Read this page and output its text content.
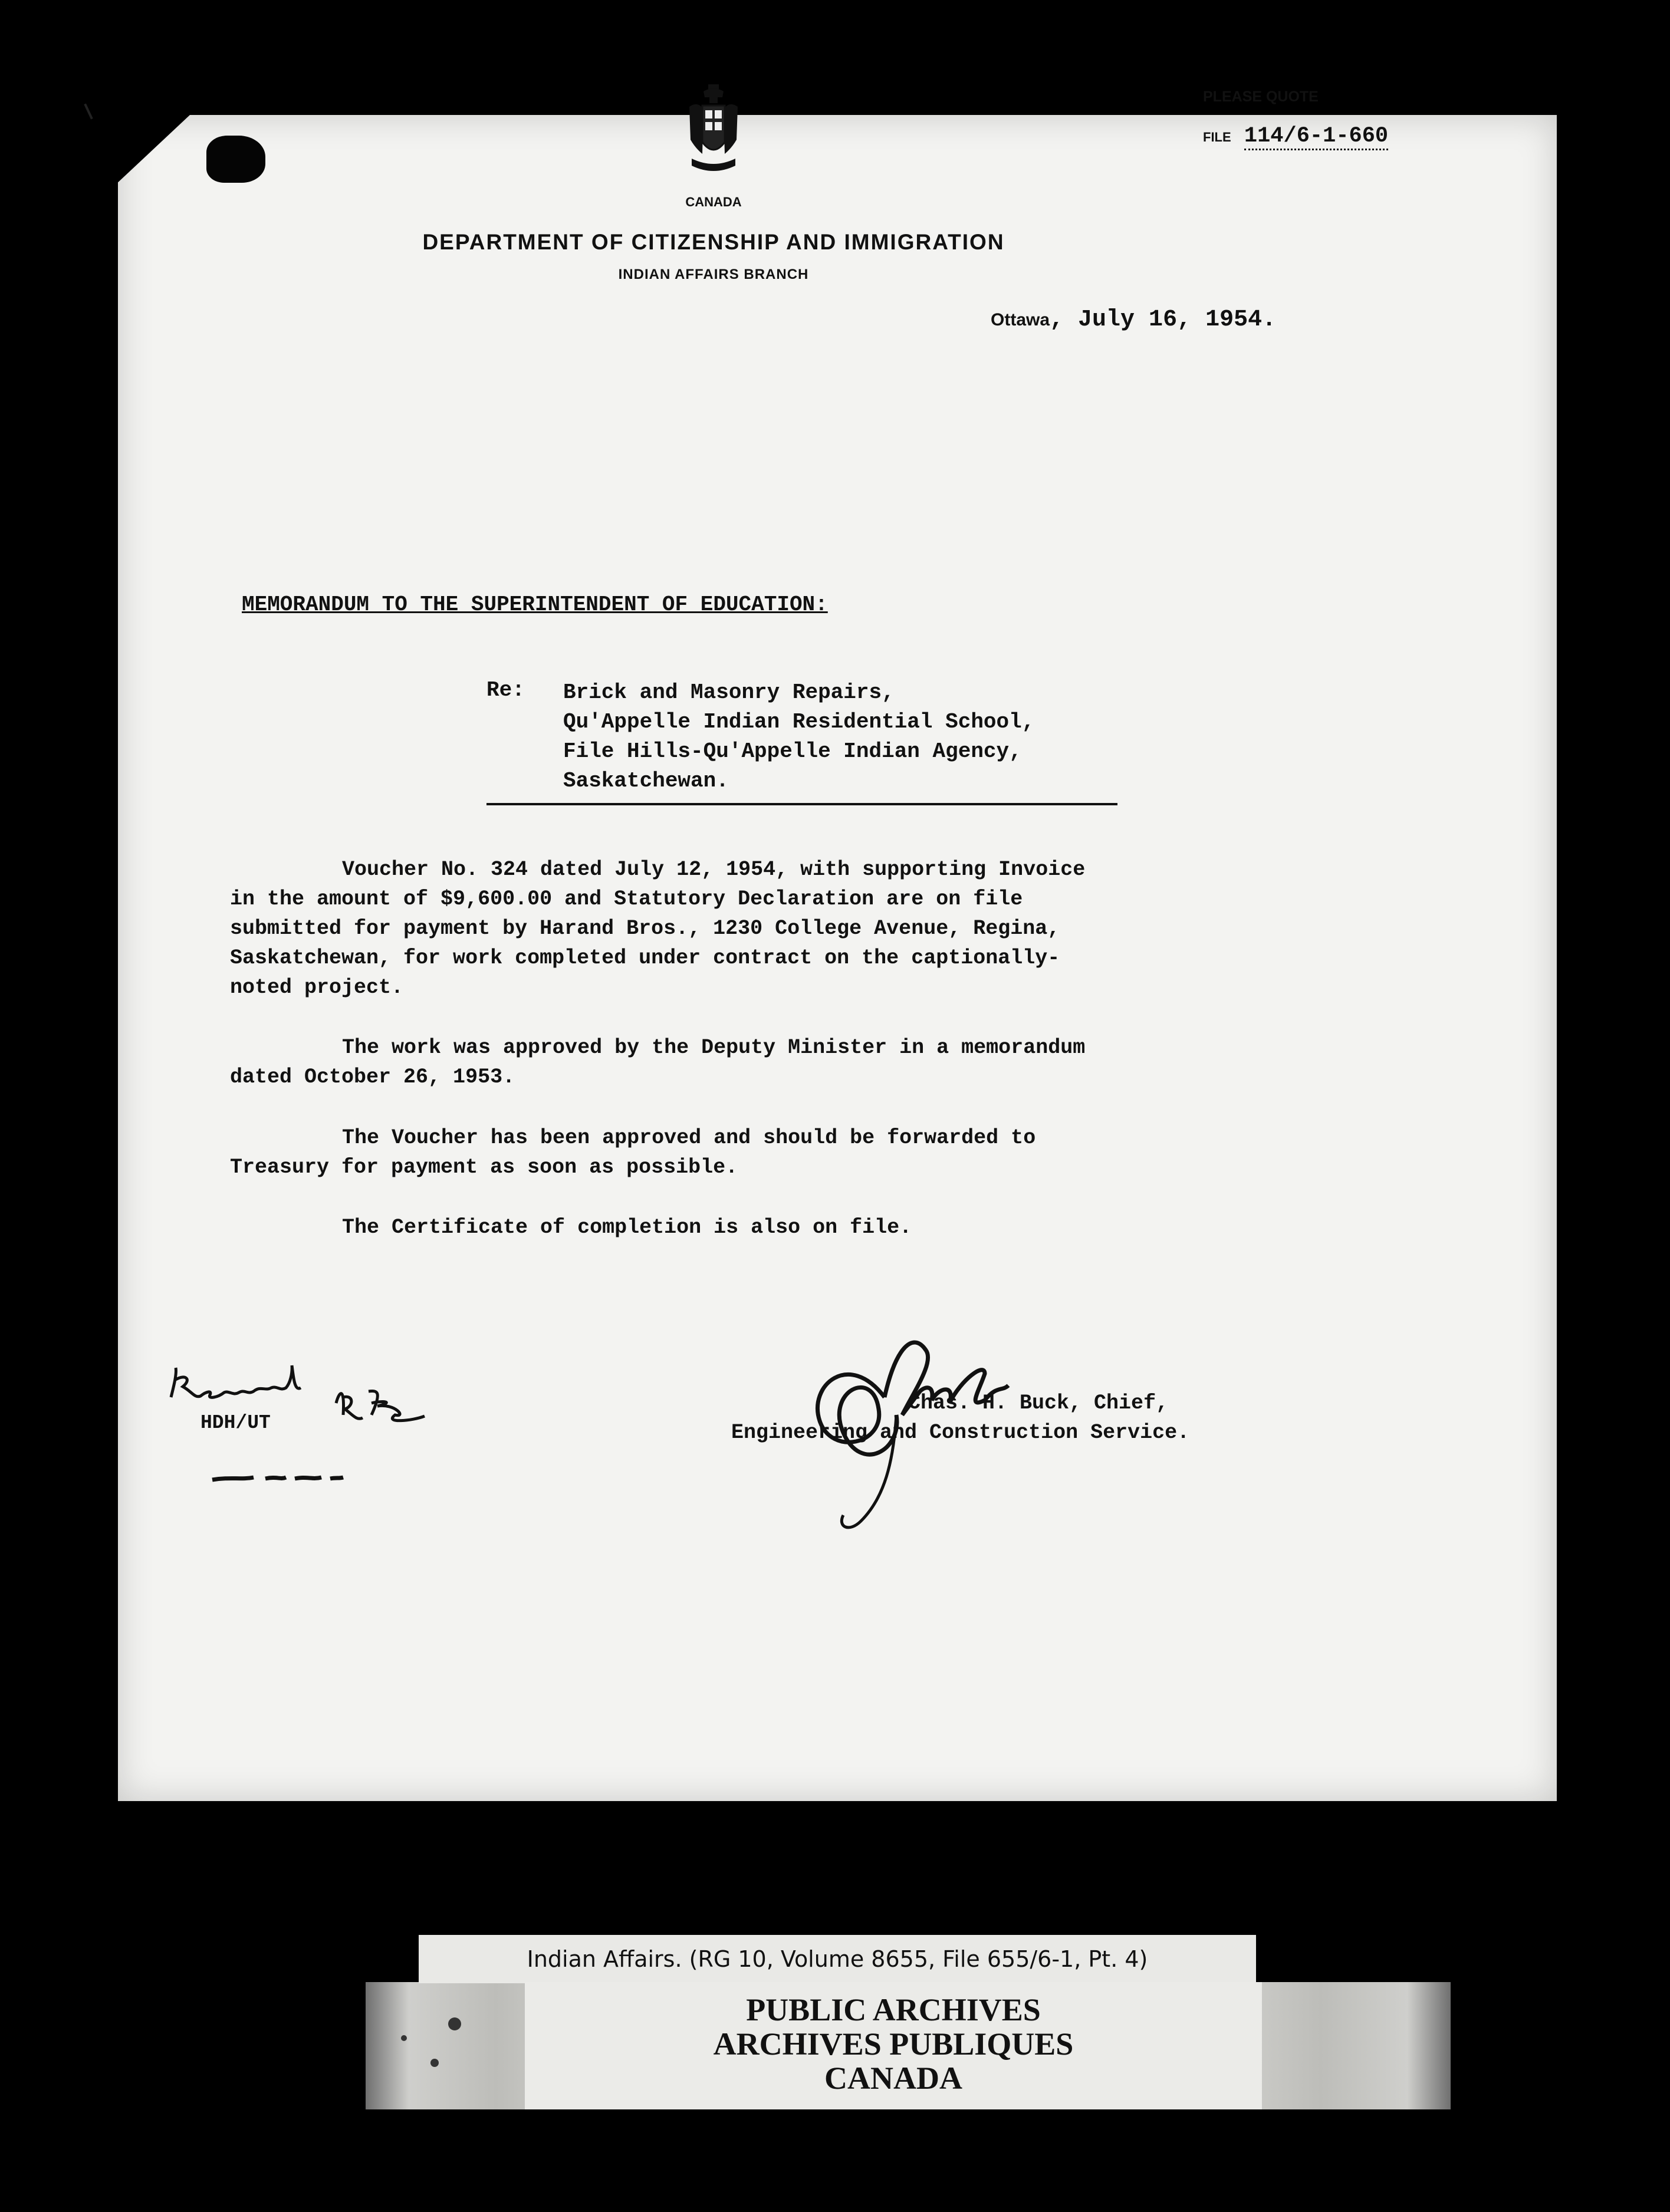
CANADA
DEPARTMENT OF CITIZENSHIP AND IMMIGRATION
INDIAN AFFAIRS BRANCH
PLEASE QUOTE
FILE 114/6-1-660
Ottawa, July 16, 1954.
MEMORANDUM TO THE SUPERINTENDENT OF EDUCATION:
Re: Brick and Masonry Repairs,
Qu'Appelle Indian Residential School,
File Hills-Qu'Appelle Indian Agency,
Saskatchewan.
Voucher No. 324 dated July 12, 1954, with supporting Invoice
in the amount of $9,600.00 and Statutory Declaration are on file
submitted for payment by Harand Bros., 1230 College Avenue, Regina,
Saskatchewan, for work completed under contract on the captionally-
noted project.
The work was approved by the Deputy Minister in a memorandum
dated October 26, 1953.
The Voucher has been approved and should be forwarded to
Treasury for payment as soon as possible.
The Certificate of completion is also on file.
Chas. H. Buck, Chief,
Engineering and Construction Service.
HDH/UT
Indian Affairs. (RG 10, Volume 8655, File 655/6-1, Pt. 4)
PUBLIC ARCHIVES
ARCHIVES PUBLIQUES
CANADA
